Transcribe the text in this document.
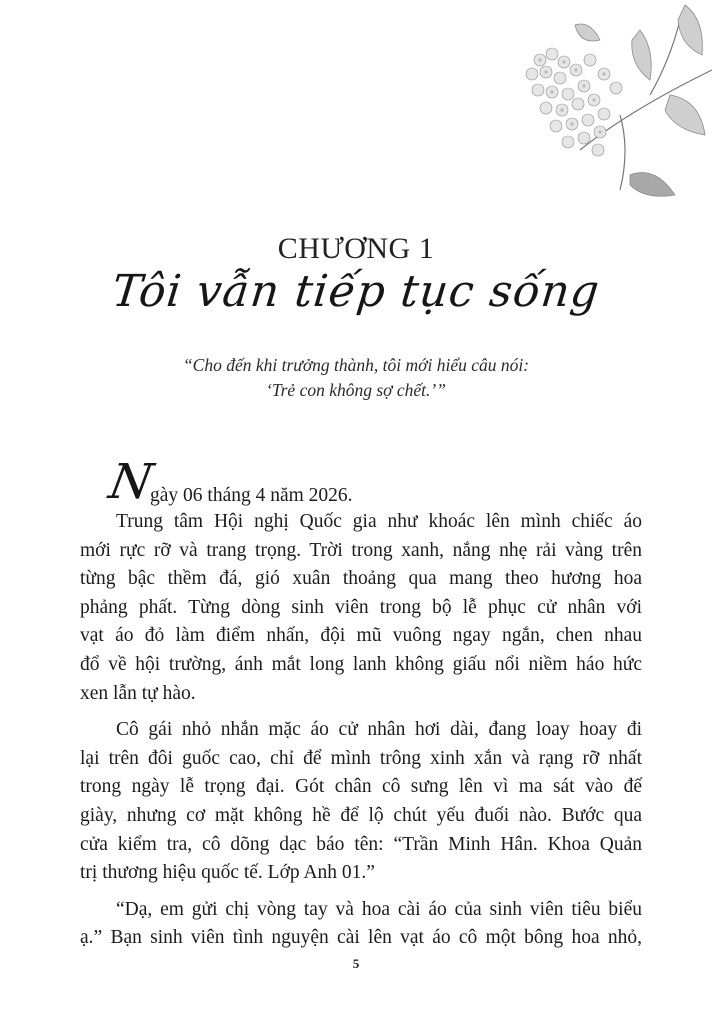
CHƯƠNG 1
Tôi vẫn tiếp tục sống
“Cho đến khi trưởng thành, tôi mới hiểu câu nói:
‘Trẻ con không sợ chết.’”
N
gày 06 tháng 4 năm 2026.
Trung tâm Hội nghị Quốc gia như khoác lên mình chiếc áo
mới rực rỡ và trang trọng. Trời trong xanh, nắng nhẹ rải vàng trên
từng bậc thềm đá, gió xuân thoảng qua mang theo hương hoa
phảng phất. Từng dòng sinh viên trong bộ lễ phục cử nhân với
vạt áo đỏ làm điểm nhấn, đội mũ vuông ngay ngắn, chen nhau
đổ về hội trường, ánh mắt long lanh không giấu nổi niềm háo hức
xen lẫn tự hào.
Cô gái nhỏ nhắn mặc áo cử nhân hơi dài, đang loay hoay đi
lại trên đôi guốc cao, chỉ để mình trông xinh xắn và rạng rỡ nhất
trong ngày lễ trọng đại. Gót chân cô sưng lên vì ma sát vào đế
giày, nhưng cơ mặt không hề để lộ chút yếu đuối nào. Bước qua
cửa kiểm tra, cô dõng dạc báo tên: “Trần Minh Hân. Khoa Quản
trị thương hiệu quốc tế. Lớp Anh 01.”
“Dạ, em gửi chị vòng tay và hoa cài áo của sinh viên tiêu biểu
ạ.” Bạn sinh viên tình nguyện cài lên vạt áo cô một bông hoa nhỏ,
5
